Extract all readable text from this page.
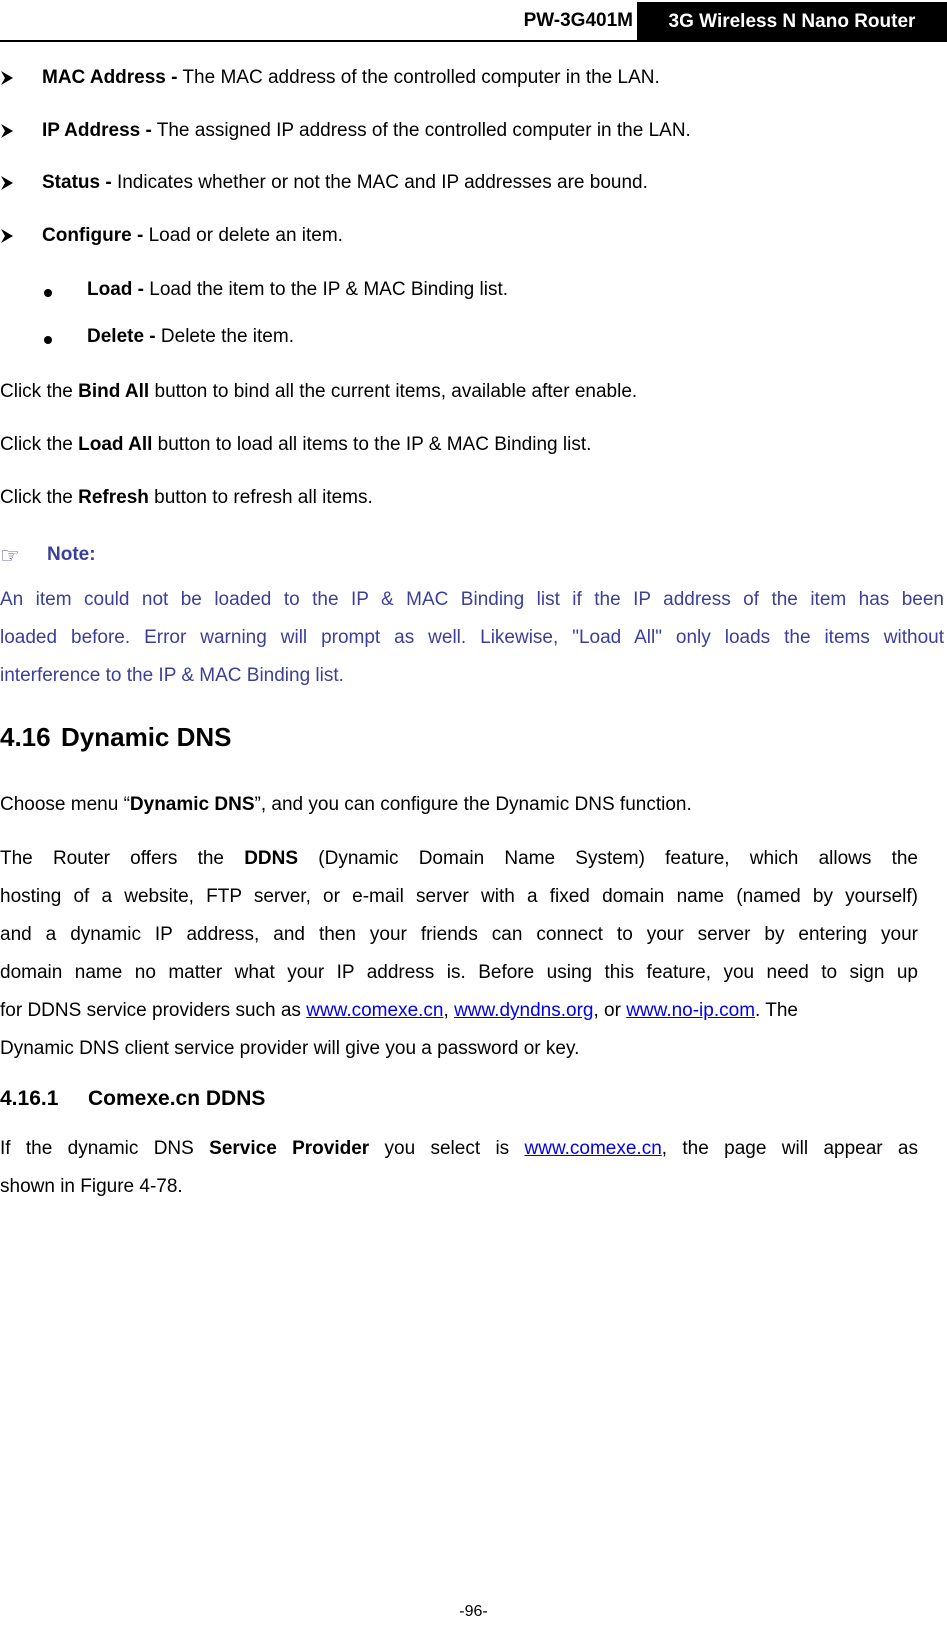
PW-3G401M	3G Wireless N Nano Router
MAC Address - The MAC address of the controlled computer in the LAN.
IP Address - The assigned IP address of the controlled computer in the LAN.
Status - Indicates whether or not the MAC and IP addresses are bound.
Configure - Load or delete an item.
Load - Load the item to the IP & MAC Binding list.
Delete - Delete the item.
Click the Bind All button to bind all the current items, available after enable.
Click the Load All button to load all items to the IP & MAC Binding list.
Click the Refresh button to refresh all items.
☞ Note:
An item could not be loaded to the IP & MAC Binding list if the IP address of the item has been
loaded before. Error warning will prompt as well. Likewise, "Load All" only loads the items without
interference to the IP & MAC Binding list.
4.16 Dynamic DNS
Choose menu “Dynamic DNS”, and you can configure the Dynamic DNS function.
The Router offers the DDNS (Dynamic Domain Name System) feature, which allows the
hosting of a website, FTP server, or e-mail server with a fixed domain name (named by yourself)
and a dynamic IP address, and then your friends can connect to your server by entering your
domain name no matter what your IP address is. Before using this feature, you need to sign up
for DDNS service providers such as www.comexe.cn, www.dyndns.org, or www.no-ip.com. The
Dynamic DNS client service provider will give you a password or key.
4.16.1 Comexe.cn DDNS
If the dynamic DNS Service Provider you select is www.comexe.cn, the page will appear as
shown in Figure 4-78.
-96-
